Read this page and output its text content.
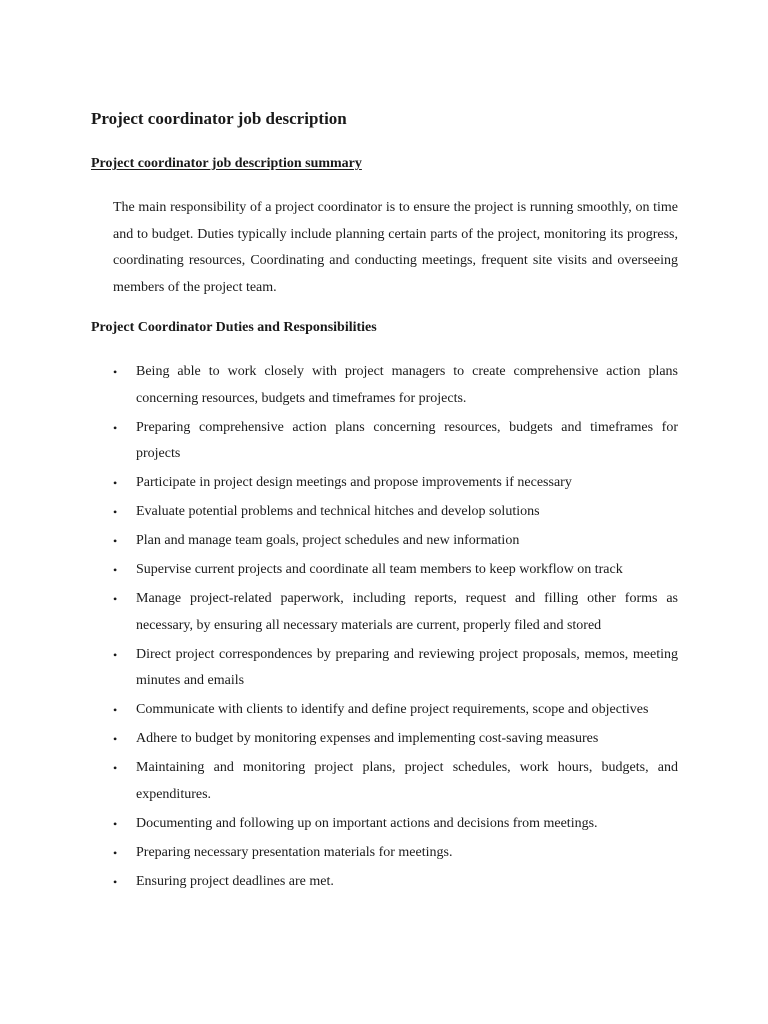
Project coordinator job description
Project coordinator job description summary

The main responsibility of a project coordinator is to ensure the project is running smoothly, on time and to budget. Duties typically include planning certain parts of the project, monitoring its progress, coordinating resources, Coordinating and conducting meetings, frequent site visits and overseeing members of the project team.

Project Coordinator Duties and Responsibilities
• Being able to work closely with project managers to create comprehensive action plans concerning resources, budgets and timeframes for projects.
• Preparing comprehensive action plans concerning resources, budgets and timeframes for projects
• Participate in project design meetings and propose improvements if necessary
• Evaluate potential problems and technical hitches and develop solutions
• Plan and manage team goals, project schedules and new information
• Supervise current projects and coordinate all team members to keep workflow on track
• Manage project-related paperwork, including reports, request and filling other forms as necessary, by ensuring all necessary materials are current, properly filed and stored
• Direct project correspondences by preparing and reviewing project proposals, memos, meeting minutes and emails
• Communicate with clients to identify and define project requirements, scope and objectives
• Adhere to budget by monitoring expenses and implementing cost-saving measures
• Maintaining and monitoring project plans, project schedules, work hours, budgets, and expenditures.
• Documenting and following up on important actions and decisions from meetings.
• Preparing necessary presentation materials for meetings.
• Ensuring project deadlines are met.
